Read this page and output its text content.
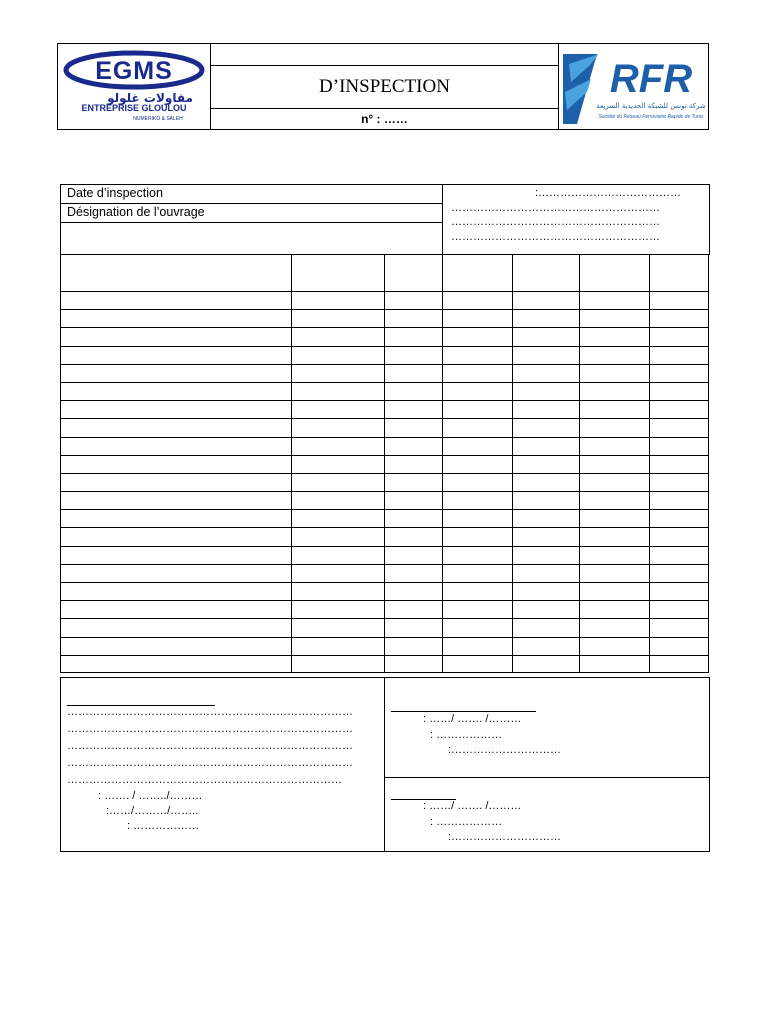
EGMS
مقاولات غلولو
ENTREPRISE GLOULOU
NUMERIKO & SALEH
D’INSPECTION
n° : ……
RFR
شركة تونس للشبكة الحديدية السريعة
Société du Réseau Ferroviaire Rapide de Tunis
Date d’inspection
Désignation de l’ouvrage
:…………………………………
…………………………………………………
…………………………………………………
…………………………………………………

……………………………………………………………………
……………………………………………………………………
……………………………………………………………………
……………………………………………………………………
…………………………………………………………………
: ……. / ……../………
:……/………/……..
: ………………
: ……/ ……. /………
: ………………
:…………………………
: ……/ ……. /………
: ………………
:…………………………
